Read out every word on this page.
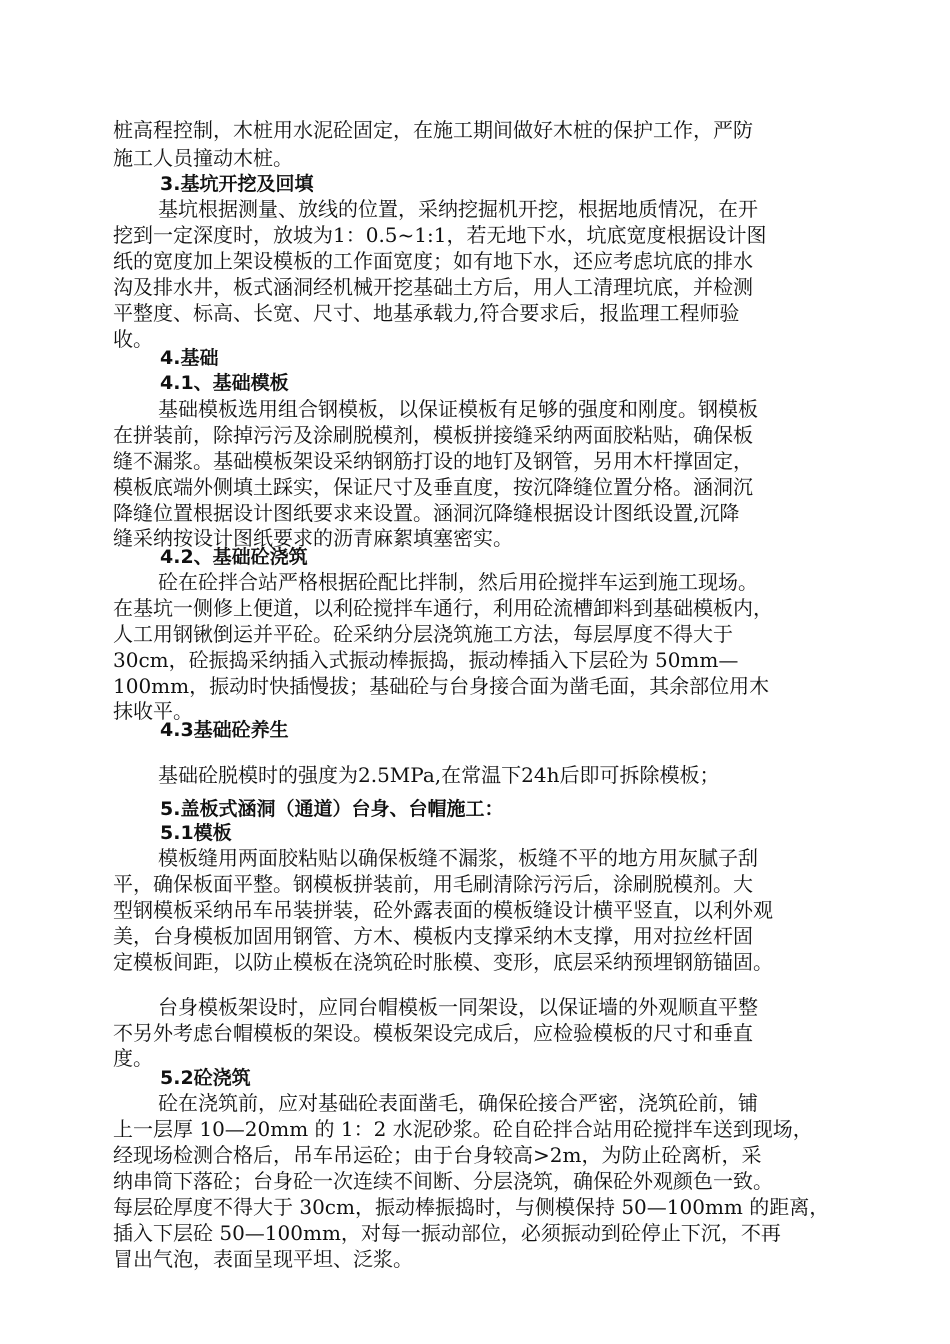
桩高程控制，木桩用水泥砼固定，在施工期间做好木桩的保护工作，严防

施工人员撞动木桩。

3.基坑开挖及回填

基坑根据测量、放线的位置，采纳挖掘机开挖，根据地质情况，在开

挖到一定深度时，放坡为1：0.5~1:1，若无地下水，坑底宽度根据设计图

纸的宽度加上架设模板的工作面宽度；如有地下水，还应考虑坑底的排水

沟及排水井，板式涵洞经机械开挖基础土方后，用人工清理坑底，并检测

平整度、标高、长宽、尺寸、地基承载力,符合要求后，报监理工程师验

收。

4.基础

4.1、基础模板

基础模板选用组合钢模板，以保证模板有足够的强度和刚度。钢模板

在拼装前，除掉污污及涂刷脱模剂，模板拼接缝采纳两面胶粘贴，确保板

缝不漏浆。基础模板架设采纳钢筋打设的地钉及钢管，另用木杆撑固定，

模板底端外侧填土踩实，保证尺寸及垂直度，按沉降缝位置分格。涵洞沉

降缝位置根据设计图纸要求来设置。涵洞沉降缝根据设计图纸设置,沉降

缝采纳按设计图纸要求的沥青麻絮填塞密实。

4.2、基础砼浇筑

砼在砼拌合站严格根据砼配比拌制，然后用砼搅拌车运到施工现场。

在基坑一侧修上便道，以利砼搅拌车通行，利用砼流槽卸料到基础模板内，

人工用钢锹倒运并平砼。砼采纳分层浇筑施工方法，每层厚度不得大于

30cm，砼振捣采纳插入式振动棒振捣，振动棒插入下层砼为 50mm—

100mm，振动时快插慢拔；基础砼与台身接合面为凿毛面，其余部位用木

抹收平。

4.3基础砼养生

基础砼脱模时的强度为2.5MPa,在常温下24h后即可拆除模板；

5.盖板式涵洞（通道）台身、台帽施工：

5.1模板

模板缝用两面胶粘贴以确保板缝不漏浆，板缝不平的地方用灰腻子刮

平，确保板面平整。钢模板拼装前，用毛刷清除污污后，涂刷脱模剂。大

型钢模板采纳吊车吊装拼装，砼外露表面的模板缝设计横平竖直，以利外观

美，台身模板加固用钢管、方木、模板内支撑采纳木支撑，用对拉丝杆固

定模板间距，以防止模板在浇筑砼时胀模、变形，底层采纳预埋钢筋锚固。

台身模板架设时，应同台帽模板一同架设，以保证墙的外观顺直平整

不另外考虑台帽模板的架设。模板架设完成后，应检验模板的尺寸和垂直

度。

5.2砼浇筑

砼在浇筑前，应对基础砼表面凿毛，确保砼接合严密，浇筑砼前，铺

上一层厚 10—20mm 的 1：2 水泥砂浆。砼自砼拌合站用砼搅拌车送到现场，

经现场检测合格后，吊车吊运砼；由于台身较高>2m，为防止砼离析，采

纳串筒下落砼；台身砼一次连续不间断、分层浇筑，确保砼外观颜色一致。

每层砼厚度不得大于 30cm，振动棒振捣时，与侧模保持 50—100mm 的距离，

插入下层砼 50—100mm，对每一振动部位，必须振动到砼停止下沉，不再

冒出气泡，表面呈现平坦、泛浆。
